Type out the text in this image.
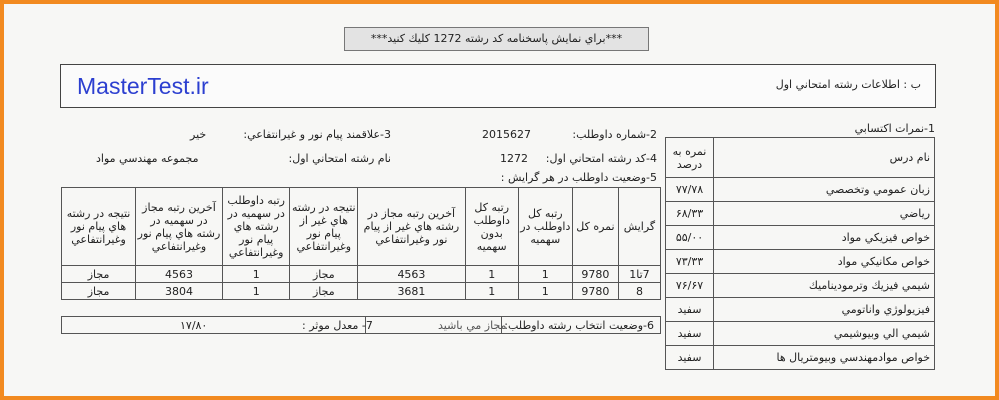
***براي نمايش پاسخنامه كد رشته 1272 كليك كنيد***
MasterTest.ir	ب : اطلاعات رشته امتحاني اول
1-نمرات اكتسابي
نام درس	نمره به درصد
زبان عمومي وتخصصي	۷۷/۷۸
رياضي	۶۸/۳۳
خواص فيزيكي مواد	۵۵/۰۰
خواص مكانيكي مواد	۷۳/۳۳
شيمي فيزيك وترموديناميك	۷۶/۶۷
فيزيولوژي واناتومي	سفيد
شيمي الي وبيوشيمي	سفيد
خواص موادمهندسي وبيومتريال ها	سفيد
2-شماره داوطلب:
2015627
3-علاقمند پيام نور و غيرانتفاعي:
خير
4-كد رشته امتحاني اول:
1272
نام رشته امتحاني اول:
مجموعه مهندسي مواد
5-وضعيت داوطلب در هر گرايش :
گرايش	نمره كل	رتبه كل داوطلب در سهميه	رتبه كل داوطلب بدون سهميه	آخرين رتبه مجاز در رشته هاي غير از پيام نور وغيرانتفاعي	نتيجه در رشته هاي غير از پيام نور وغيرانتفاعي	رتبه داوطلب در سهميه در رشته هاي پيام نور وغيرانتفاعي	آخرين رتبه مجاز در سهميه در رشته هاي پيام نور وغيرانتفاعي	نتيجه در رشته هاي پيام نور وغيرانتفاعي
7تا1	9780	1	1	4563	مجاز	1	4563	مجاز
8	9780	1	1	3681	مجاز	1	3804	مجاز
6-وضعيت انتخاب رشته داوطلب:
مجاز مي باشيد
7- معدل موثر :
۱۷/۸۰
